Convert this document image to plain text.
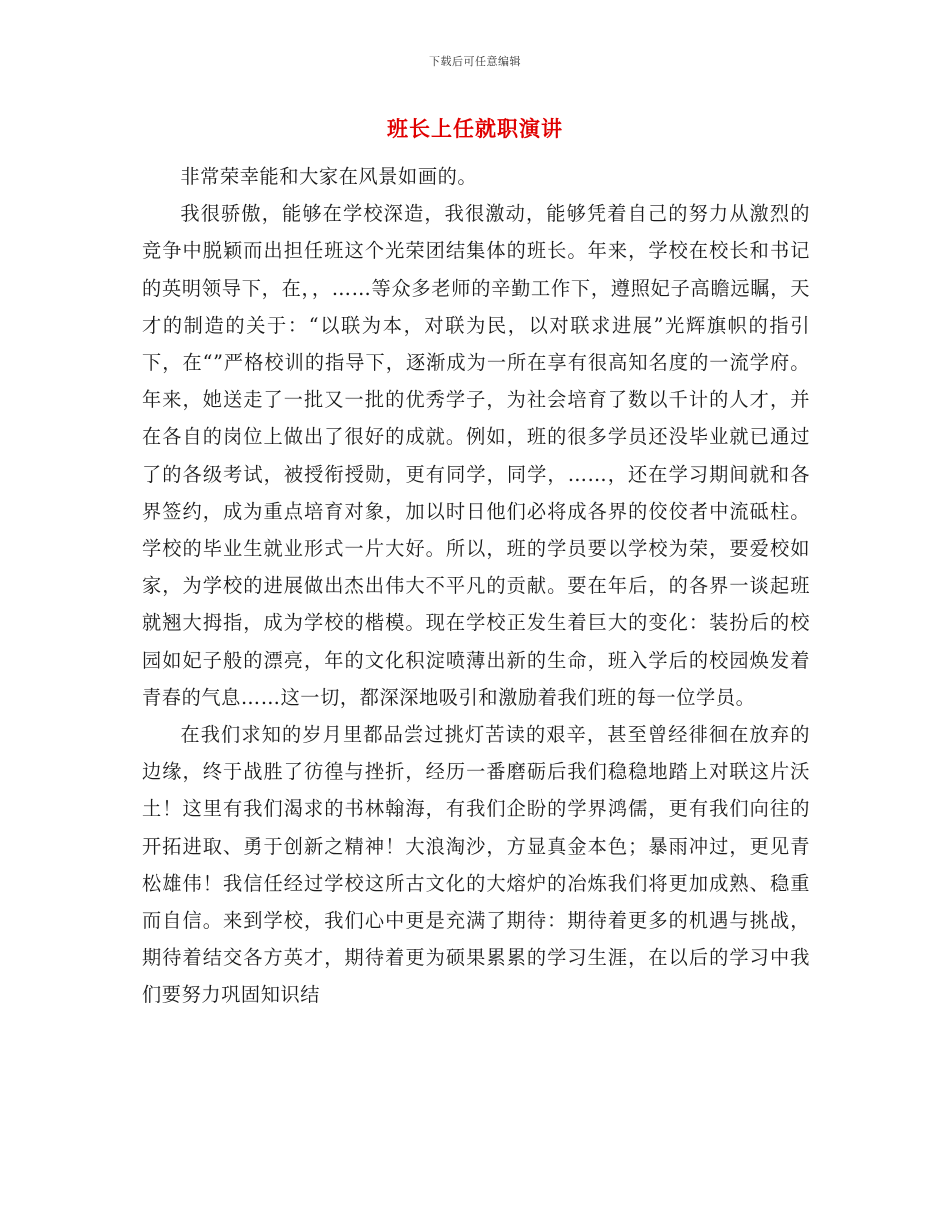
下载后可任意编辑
班长上任就职演讲

非常荣幸能和大家在风景如画的。

我很骄傲，能够在学校深造，我很激动，能够凭着自己的努力从激烈的竞争中脱颖而出担任班这个光荣团结集体的班长。年来，学校在校长和书记的英明领导下，在，，……等众多老师的辛勤工作下，遵照妃子高瞻远瞩，天才的制造的关于：“以联为本，对联为民，以对联求进展”光辉旗帜的指引下，在“”严格校训的指导下，逐渐成为一所在享有很高知名度的一流学府。年来，她送走了一批又一批的优秀学子，为社会培育了数以千计的人才，并在各自的岗位上做出了很好的成就。例如，班的很多学员还没毕业就已通过了的各级考试，被授衔授勋，更有同学，同学，……，还在学习期间就和各界签约，成为重点培育对象，加以时日他们必将成各界的佼佼者中流砥柱。学校的毕业生就业形式一片大好。所以，班的学员要以学校为荣，要爱校如家，为学校的进展做出杰出伟大不平凡的贡献。要在年后，的各界一谈起班就翘大拇指，成为学校的楷模。现在学校正发生着巨大的变化：装扮后的校园如妃子般的漂亮，年的文化积淀喷薄出新的生命，班入学后的校园焕发着青春的气息……这一切，都深深地吸引和激励着我们班的每一位学员。

在我们求知的岁月里都品尝过挑灯苦读的艰辛，甚至曾经徘徊在放弃的边缘，终于战胜了彷徨与挫折，经历一番磨砺后我们稳稳地踏上对联这片沃土！这里有我们渴求的书林翰海，有我们企盼的学界鸿儒，更有我们向往的开拓进取、勇于创新之精神！大浪淘沙，方显真金本色；暴雨冲过，更见青松雄伟！我信任经过学校这所古文化的大熔炉的冶炼我们将更加成熟、稳重而自信。来到学校，我们心中更是充满了期待：期待着更多的机遇与挑战，期待着结交各方英才，期待着更为硕果累累的学习生涯，在以后的学习中我们要努力巩固知识结
